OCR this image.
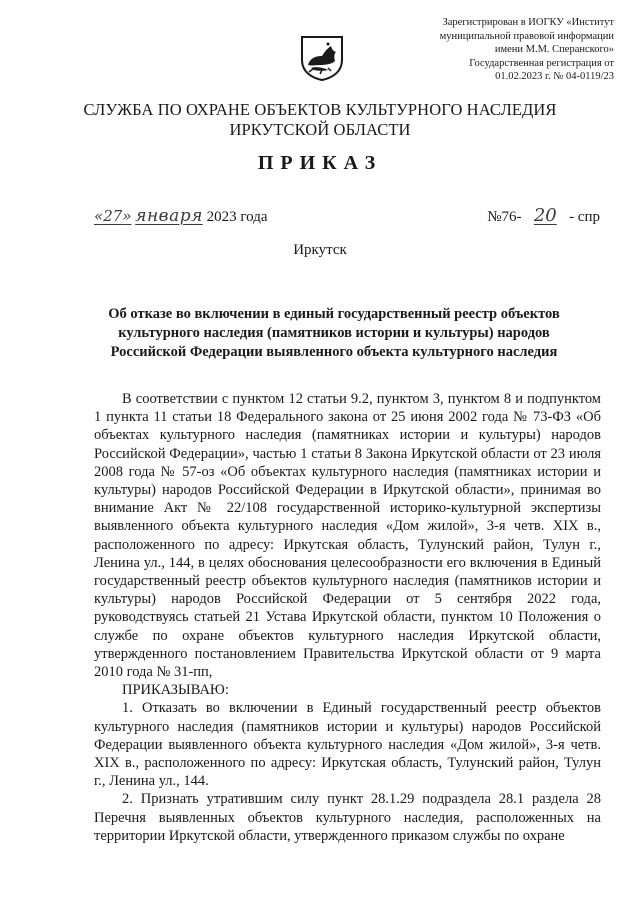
Зарегистрирован в ИОГКУ «Институт
муниципальной правовой информации
имени М.М. Сперанского»
Государственная регистрация от
01.02.2023 г. № 04-0119/23
СЛУЖБА ПО ОХРАНЕ ОБЪЕКТОВ КУЛЬТУРНОГО НАСЛЕДИЯ
ИРКУТСКОЙ ОБЛАСТИ
ПРИКАЗ
«27» января 2023 года	№76- 20 - спр
Иркутск
Об отказе во включении в единый государственный реестр объектов
культурного наследия (памятников истории и культуры) народов
Российской Федерации выявленного объекта культурного наследия

В соответствии с пунктом 12 статьи 9.2, пунктом 3, пунктом 8 и подпунктом 1 пункта 11 статьи 18 Федерального закона от 25 июня 2002 года № 73-ФЗ «Об объектах культурного наследия (памятниках истории и культуры) народов Российской Федерации», частью 1 статьи 8 Закона Иркутской области от 23 июля 2008 года № 57-оз «Об объектах культурного наследия (памятниках истории и культуры) народов Российской Федерации в Иркутской области», принимая во внимание Акт № 22/108 государственной историко-культурной экспертизы выявленного объекта культурного наследия «Дом жилой», 3-я четв. XIX в., расположенного по адресу: Иркутская область, Тулунский район, Тулун г., Ленина ул., 144, в целях обоснования целесообразности его включения в Единый государственный реестр объектов культурного наследия (памятников истории и культуры) народов Российской Федерации от 5 сентября 2022 года, руководствуясь статьей 21 Устава Иркутской области, пунктом 10 Положения о службе по охране объектов культурного наследия Иркутской области, утвержденного постановлением Правительства Иркутской области от 9 марта 2010 года № 31-пп,

ПРИКАЗЫВАЮ:

1. Отказать во включении в Единый государственный реестр объектов культурного наследия (памятников истории и культуры) народов Российской Федерации выявленного объекта культурного наследия «Дом жилой», 3-я четв. XIX в., расположенного по адресу: Иркутская область, Тулунский район, Тулун г., Ленина ул., 144.

2. Признать утратившим силу пункт 28.1.29 подраздела 28.1 раздела 28 Перечня выявленных объектов культурного наследия, расположенных на территории Иркутской области, утвержденного приказом службы по охране
